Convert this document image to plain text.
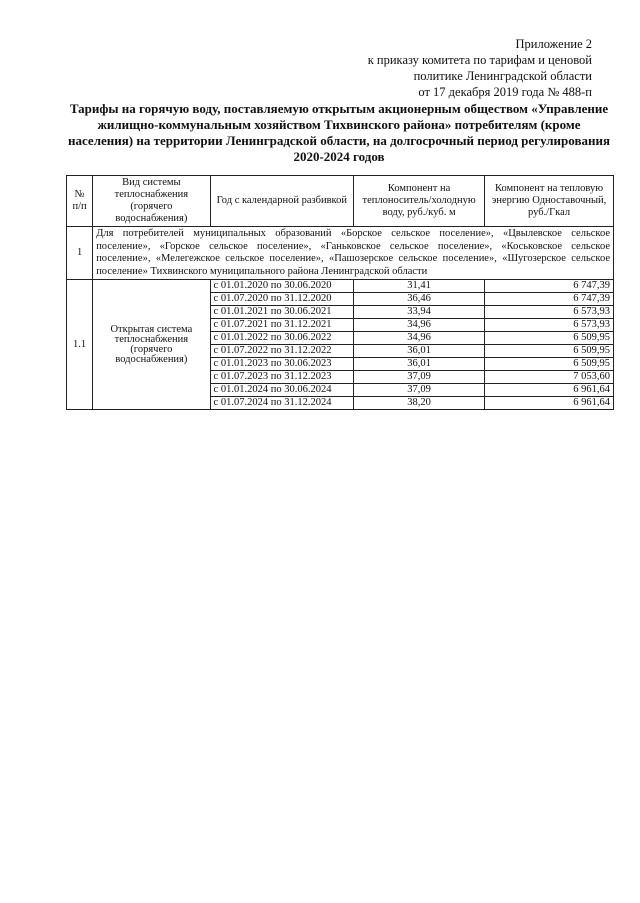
Приложение 2
к приказу комитета по тарифам и ценовой
политике Ленинградской области
от 17 декабря 2019 года № 488-п
Тарифы на горячую воду, поставляемую открытым акционерным обществом «Управление жилищно-коммунальным хозяйством Тихвинского района» потребителям (кроме населения) на территории Ленинградской области, на долгосрочный период регулирования 2020-2024 годов
№ п/п	Вид системы теплоснабжения (горячего водоснабжения)	Год с календарной разбивкой	Компонент на теплоноситель/холодную воду, руб./куб. м	Компонент на тепловую энергию Одноставочный, руб./Гкал
1	Для потребителей муниципальных образований «Борское сельское поселение», «Цвылевское сельское поселение», «Горское сельское поселение», «Ганьковское сельское поселение», «Коськовское сельское поселение», «Мелегежское сельское поселение», «Пашозерское сельское поселение», «Шугозерское сельское поселение» Тихвинского муниципального района Ленинградской области			
1.1	Открытая система теплоснабжения (горячего водоснабжения)	с 01.01.2020 по 30.06.2020	31,41	6 747,39
		с 01.07.2020 по 31.12.2020	36,46	6 747,39
		с 01.01.2021 по 30.06.2021	33,94	6 573,93
		с 01.07.2021 по 31.12.2021	34,96	6 573,93
		с 01.01.2022 по 30.06.2022	34,96	6 509,95
		с 01.07.2022 по 31.12.2022	36,01	6 509,95
		с 01.01.2023 по 30.06.2023	36,01	6 509,95
		с 01.07.2023 по 31.12.2023	37,09	7 053,60
		с 01.01.2024 по 30.06.2024	37,09	6 961,64
		с 01.07.2024 по 31.12.2024	38,20	6 961,64
